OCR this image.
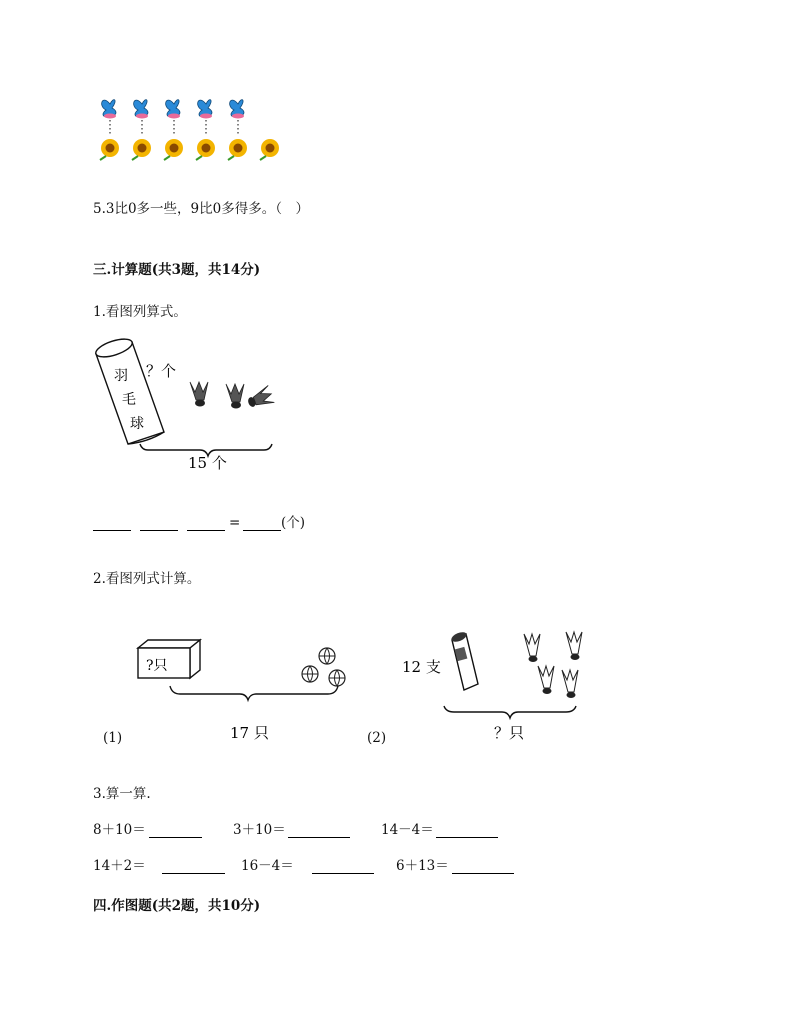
5.3比0多一些，9比0多得多。（　）
三.计算题(共3题，共14分)
1.看图列算式。
羽
毛
球
？个
15 个
=	(个)
2.看图列式计算。
?只
17 只
(1)
12 支
？只
(2)
3.算一算.
8＋10＝	3＋10＝	14－4＝
14＋2＝	16－4＝	6＋13＝
四.作图题(共2题，共10分)
